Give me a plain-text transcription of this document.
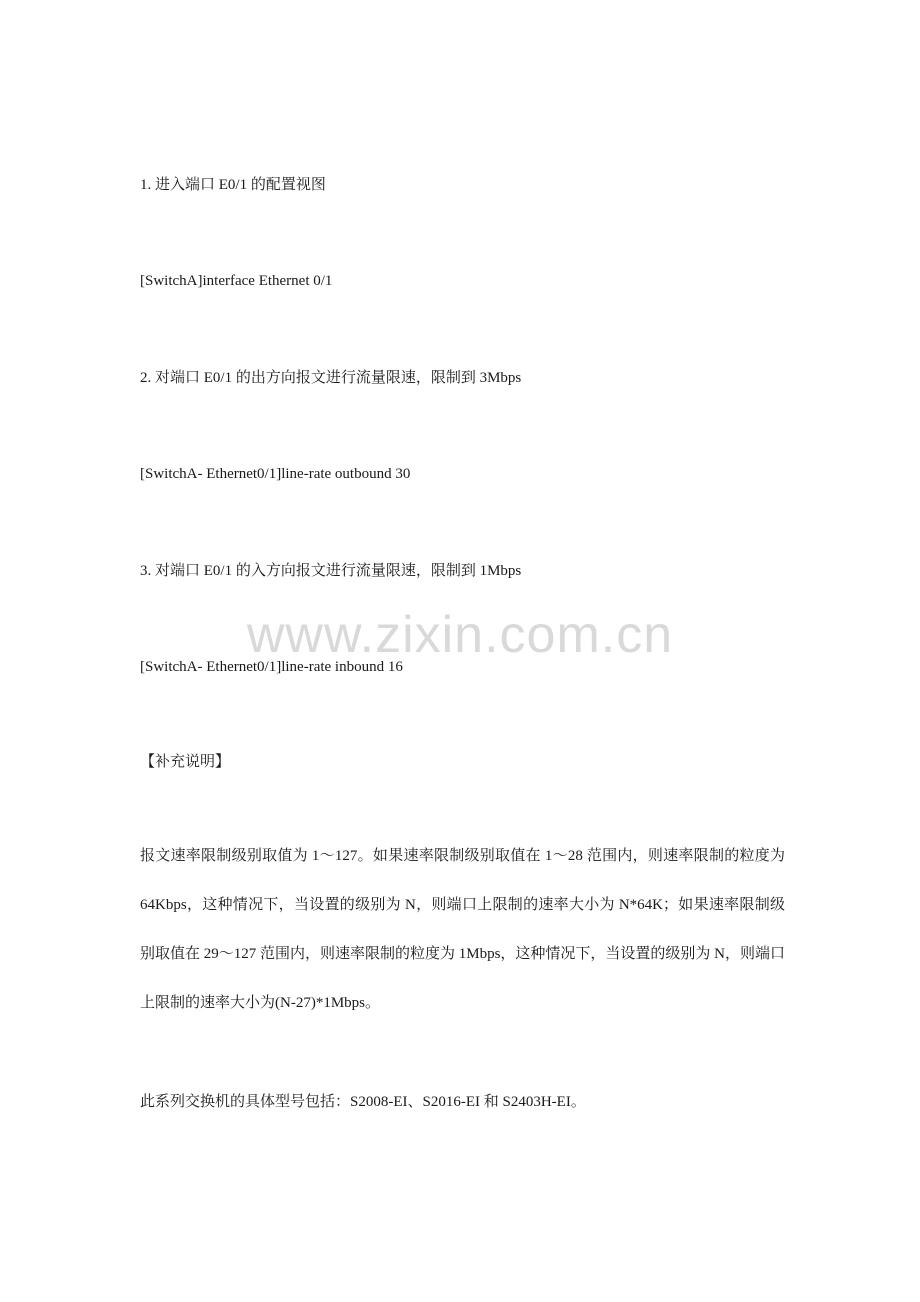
1. 进入端口 E0/1 的配置视图
[SwitchA]interface Ethernet 0/1
2. 对端口 E0/1 的出方向报文进行流量限速，限制到 3Mbps
[SwitchA- Ethernet0/1]line-rate outbound 30
3. 对端口 E0/1 的入方向报文进行流量限速，限制到 1Mbps
[SwitchA- Ethernet0/1]line-rate inbound 16
【补充说明】

报文速率限制级别取值为 1～127。如果速率限制级别取值在 1～28 范围内，则速率限制的粒度为 64Kbps，这种情况下，当设置的级别为 N，则端口上限制的速率大小为 N*64K；如果速率限制级别取值在 29～127 范围内，则速率限制的粒度为 1Mbps，这种情况下，当设置的级别为 N，则端口上限制的速率大小为(N-27)*1Mbps。

此系列交换机的具体型号包括：S2008-EI、S2016-EI 和 S2403H-EI。
www.zixin.com.cn
